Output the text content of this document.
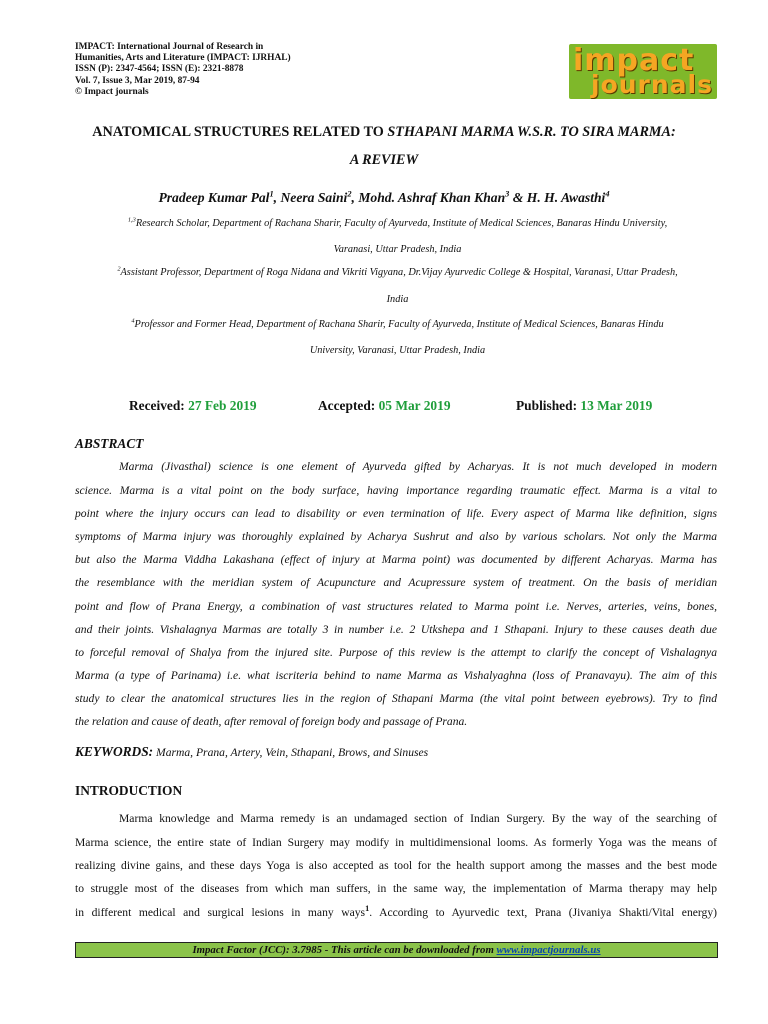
IMPACT: International Journal of Research in
Humanities, Arts and Literature (IMPACT: IJRHAL)
ISSN (P): 2347-4564; ISSN (E): 2321-8878
Vol. 7, Issue 3, Mar 2019, 87-94
© Impact journals
impact
journals
ANATOMICAL STRUCTURES RELATED TO STHAPANI MARMA W.S.R. TO SIRA MARMA:
A REVIEW
Pradeep Kumar Pal$^1$, Neera Saini$^2$, Mohd. Ashraf Khan Khan$^3$ & H. H. Awasthi$^4$
$^{1,3}$Research Scholar, Department of Rachana Sharir, Faculty of Ayurveda, Institute of Medical Sciences, Banaras Hindu University,
Varanasi, Uttar Pradesh, India
$^2$Assistant Professor, Department of Roga Nidana and Vikriti Vigyana, Dr.Vijay Ayurvedic College & Hospital, Varanasi, Uttar Pradesh,
India
$^4$Professor and Former Head, Department of Rachana Sharir, Faculty of Ayurveda, Institute of Medical Sciences, Banaras Hindu
University, Varanasi, Uttar Pradesh, India
Received: 27 Feb 2019	Accepted: 05 Mar 2019	Published: 13 Mar 2019
ABSTRACT
Marma (Jivasthal) science is one element of Ayurveda gifted by Acharyas. It is not much developed in modern
science. Marma is a vital point on the body surface, having importance regarding traumatic effect. Marma is a vital to
point where the injury occurs can lead to disability or even termination of life. Every aspect of Marma like definition, signs
symptoms of Marma injury was thoroughly explained by Acharya Sushrut and also by various scholars. Not only the Marma
but also the Marma Viddha Lakashana (effect of injury at Marma point) was documented by different Acharyas. Marma has
the resemblance with the meridian system of Acupuncture and Acupressure system of treatment. On the basis of meridian
point and flow of Prana Energy, a combination of vast structures related to Marma point i.e. Nerves, arteries, veins, bones,
and their joints. Vishalagnya Marmas are totally 3 in number i.e. 2 Utkshepa and 1 Sthapani. Injury to these causes death due
to forceful removal of Shalya from the injured site. Purpose of this review is the attempt to clarify the concept of Vishalagnya
Marma (a type of Parinama) i.e. what iscriteria behind to name Marma as Vishalyaghna (loss of Pranavayu). The aim of this
study to clear the anatomical structures lies in the region of Sthapani Marma (the vital point between eyebrows). Try to find
the relation and cause of death, after removal of foreign body and passage of Prana.
KEYWORDS: Marma, Prana, Artery, Vein, Sthapani, Brows, and Sinuses
INTRODUCTION
Marma knowledge and Marma remedy is an undamaged section of Indian Surgery. By the way of the searching of
Marma science, the entire state of Indian Surgery may modify in multidimensional looms. As formerly Yoga was the means of
realizing divine gains, and these days Yoga is also accepted as tool for the health support among the masses and the best mode
to struggle most of the diseases from which man suffers, in the same way, the implementation of Marma therapy may help
in different medical and surgical lesions in many ways$^1$. According to Ayurvedic text, Prana (Jivaniya Shakti/Vital energy)
Impact Factor (JCC): 3.7985 - This article can be downloaded from www.impactjournals.us
